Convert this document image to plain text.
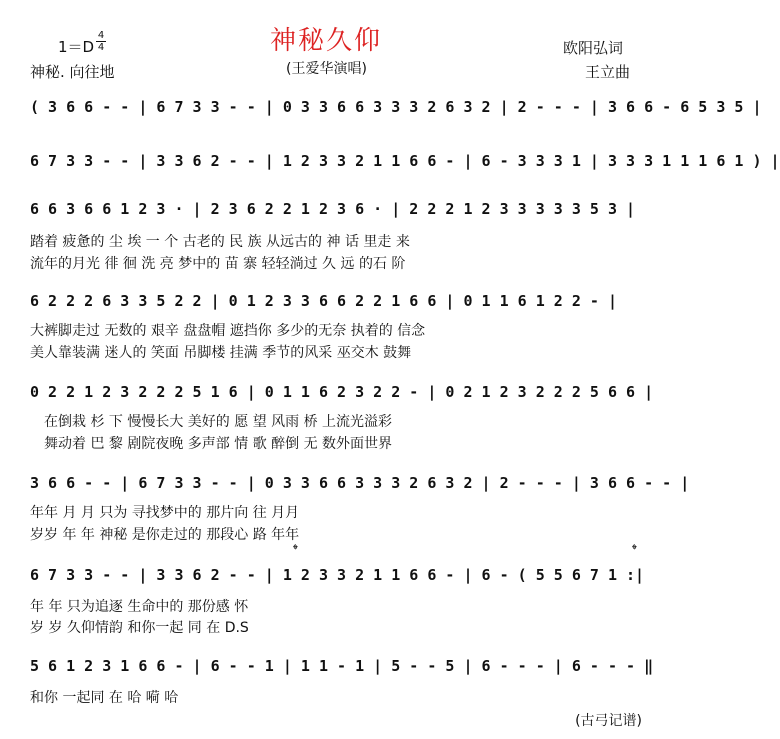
神秘久仰
1＝D
4
4
神秘. 向往地	(王爱华演唱)
欧阳弘词
王立曲
( 3 6 6 - - | 6 7 3 3 - - | 0 3 3 6 6 3 3 3 2 6 3 2 | 2 - - - | 3 6 6 - 6 5 3 5 |
6 7 3 3 - - | 3 3 6 2 - - | 1 2 3 3 2 1 1 6 6 - | 6 - 3 3 3 1 | 3 3 3 1 1 1 6 1 ) |
6 6 3 6 6 1 2 3 · | 2 3 6 2 2 1 2 3 6 · | 2 2 2 1 2 3 3 3 3 3 5 3 |
踏着 疲惫的 尘 埃 一 个 古老的 民 族 从远古的 神 话 里走 来
流年的月光 徘 徊 洗 亮 梦中的 苗 寨 轻轻淌过 久 远 的石 阶
6 2 2 2 6 3 3 5 2 2 | 0 1 2 3 3 6 6 2 2 1 6 6 | 0 1 1 6 1 2 2 - |
大裤脚走过 无数的 艰辛 盘盘帽 遮挡你 多少的无奈 执着的 信念
美人靠装满 迷人的 笑面 吊脚楼 挂满 季节的风采 巫交木 鼓舞
0 2 2 1 2 3 2 2 2 5 1 6 | 0 1 1 6 2 3 2 2 - | 0 2 1 2 3 2 2 2 5 6 6 |
在倒栽 杉 下 慢慢长大 美好的 愿 望 风雨 桥 上流光溢彩
舞动着 巴 黎 剧院夜晚 多声部 情 歌 醉倒 无 数外面世界
3 6 6 - - | 6 7 3 3 - - | 0 3 3 6 6 3 3 3 2 6 3 2 | 2 - - - | 3 6 6 - - |
年年 月 月 只为 寻找梦中的 那片向 往 月月
岁岁 年 年 神秘 是你走过的 那段心 路 年年
𝄌	𝄌
6 7 3 3 - - | 3 3 6 2 - - | 1 2 3 3 2 1 1 6 6 - | 6 - ( 5 5 6 7 1 :|
年 年 只为追逐 生命中的 那份感 怀
岁 岁 久仰情韵 和你一起 同 在 D.S
5 6 1 2 3 1 6 6 - | 6 - - 1 | 1 1 - 1 | 5 - - 5 | 6 - - - | 6 - - - ‖
和你 一起同 在 哈 嗬 哈
(古弓记谱)
